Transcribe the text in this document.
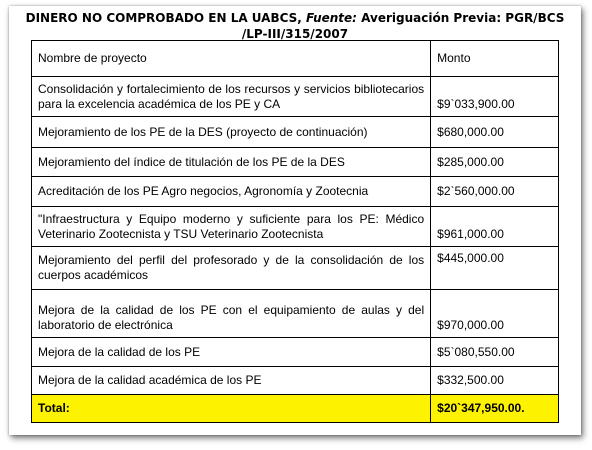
DINERO NO COMPROBADO EN LA UABCS, Fuente: Averiguación Previa: PGR/BCS
/LP-III/315/2007
Nombre de proyecto	Monto
Consolidación y fortalecimiento de los recursos y servicios bibliotecarios para la excelencia académica de los PE y CA	$9`033,900.00
Mejoramiento de los PE de la DES (proyecto de continuación)	$680,000.00
Mejoramiento del índice de titulación de los PE de la DES	$285,000.00
Acreditación de los PE Agro negocios, Agronomía y Zootecnia	$2`560,000.00
"Infraestructura y Equipo moderno y suficiente para los PE: Médico Veterinario Zootecnista y TSU Veterinario Zootecnista	$961,000.00
Mejoramiento del perfil del profesorado y de la consolidación de los cuerpos académicos	$445,000.00
Mejora de la calidad de los PE con el equipamiento de aulas y del laboratorio de electrónica	$970,000.00
Mejora de la calidad de los PE	$5`080,550.00
Mejora de la calidad académica de los PE	$332,500.00
Total:	$20`347,950.00.
